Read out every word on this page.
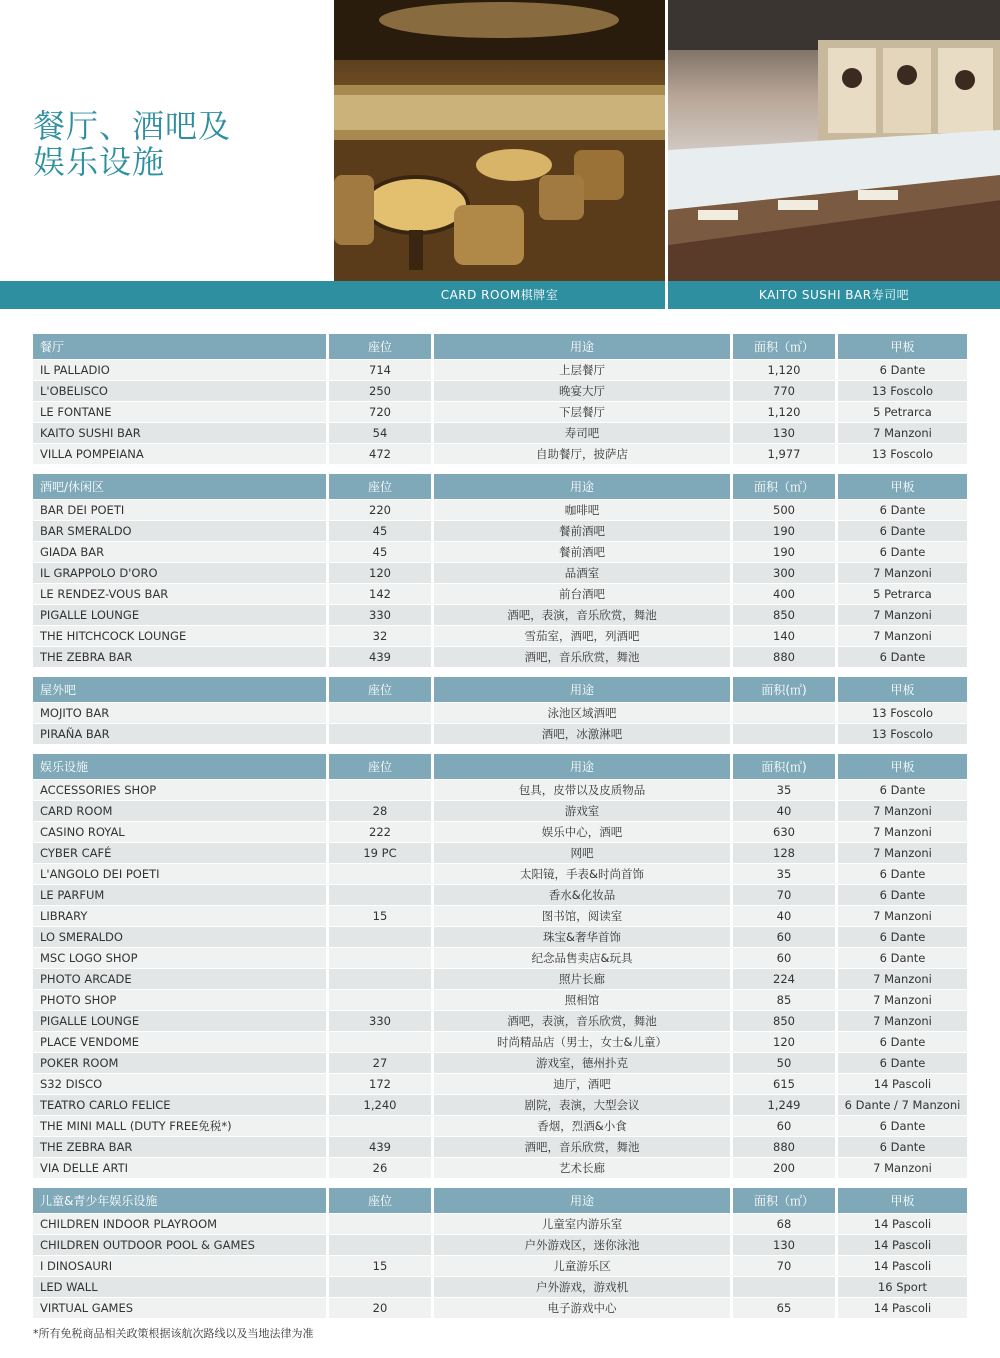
餐厅、酒吧及
娱乐设施
CARD ROOM棋牌室	KAITO SUSHI BAR寿司吧
餐厅	座位	用途	面积（㎡）	甲板
IL PALLADIO	714	上层餐厅	1,120	6 Dante
L'OBELISCO	250	晚宴大厅	770	13 Foscolo
LE FONTANE	720	下层餐厅	1,120	5 Petrarca
KAITO SUSHI BAR	54	寿司吧	130	7 Manzoni
VILLA POMPEIANA	472	自助餐厅，披萨店	1,977	13 Foscolo
酒吧/休闲区	座位	用途	面积（㎡）	甲板
BAR DEI POETI	220	咖啡吧	500	6 Dante
BAR SMERALDO	45	餐前酒吧	190	6 Dante
GIADA BAR	45	餐前酒吧	190	6 Dante
IL GRAPPOLO D'ORO	120	品酒室	300	7 Manzoni
LE RENDEZ-VOUS BAR	142	前台酒吧	400	5 Petrarca
PIGALLE LOUNGE	330	酒吧，表演，音乐欣赏，舞池	850	7 Manzoni
THE HITCHCOCK LOUNGE	32	雪茄室，酒吧，列酒吧	140	7 Manzoni
THE ZEBRA BAR	439	酒吧，音乐欣赏，舞池	880	6 Dante
屋外吧	座位	用途	面积(㎡)	甲板
MOJITO BAR		泳池区域酒吧		13 Foscolo
PIRAÑA BAR		酒吧，冰激淋吧		13 Foscolo
娱乐设施	座位	用途	面积(㎡)	甲板
ACCESSORIES SHOP		包具，皮带以及皮质物品	35	6 Dante
CARD ROOM	28	游戏室	40	7 Manzoni
CASINO ROYAL	222	娱乐中心，酒吧	630	7 Manzoni
CYBER CAFÉ	19 PC	网吧	128	7 Manzoni
L'ANGOLO DEI POETI		太阳镜，手表&时尚首饰	35	6 Dante
LE PARFUM		香水&化妆品	70	6 Dante
LIBRARY	15	图书馆，阅读室	40	7 Manzoni
LO SMERALDO		珠宝&奢华首饰	60	6 Dante
MSC LOGO SHOP		纪念品售卖店&玩具	60	6 Dante
PHOTO ARCADE		照片长廊	224	7 Manzoni
PHOTO SHOP		照相馆	85	7 Manzoni
PIGALLE LOUNGE	330	酒吧，表演，音乐欣赏，舞池	850	7 Manzoni
PLACE VENDOME		时尚精品店（男士，女士&儿童）	120	6 Dante
POKER ROOM	27	游戏室，德州扑克	50	6 Dante
S32 DISCO	172	迪厅，酒吧	615	14 Pascoli
TEATRO CARLO FELICE	1,240	剧院，表演，大型会议	1,249	6 Dante / 7 Manzoni
THE MINI MALL (DUTY FREE免税*)		香烟，烈酒&小食	60	6 Dante
THE ZEBRA BAR	439	酒吧，音乐欣赏，舞池	880	6 Dante
VIA DELLE ARTI	26	艺术长廊	200	7 Manzoni
儿童&青少年娱乐设施	座位	用途	面积（㎡）	甲板
CHILDREN INDOOR PLAYROOM		儿童室内游乐室	68	14 Pascoli
CHILDREN OUTDOOR POOL & GAMES		户外游戏区，迷你泳池	130	14 Pascoli
I DINOSAURI	15	儿童游乐区	70	14 Pascoli
LED WALL		户外游戏，游戏机		16 Sport
VIRTUAL GAMES	20	电子游戏中心	65	14 Pascoli
*所有免税商品相关政策根据该航次路线以及当地法律为准
